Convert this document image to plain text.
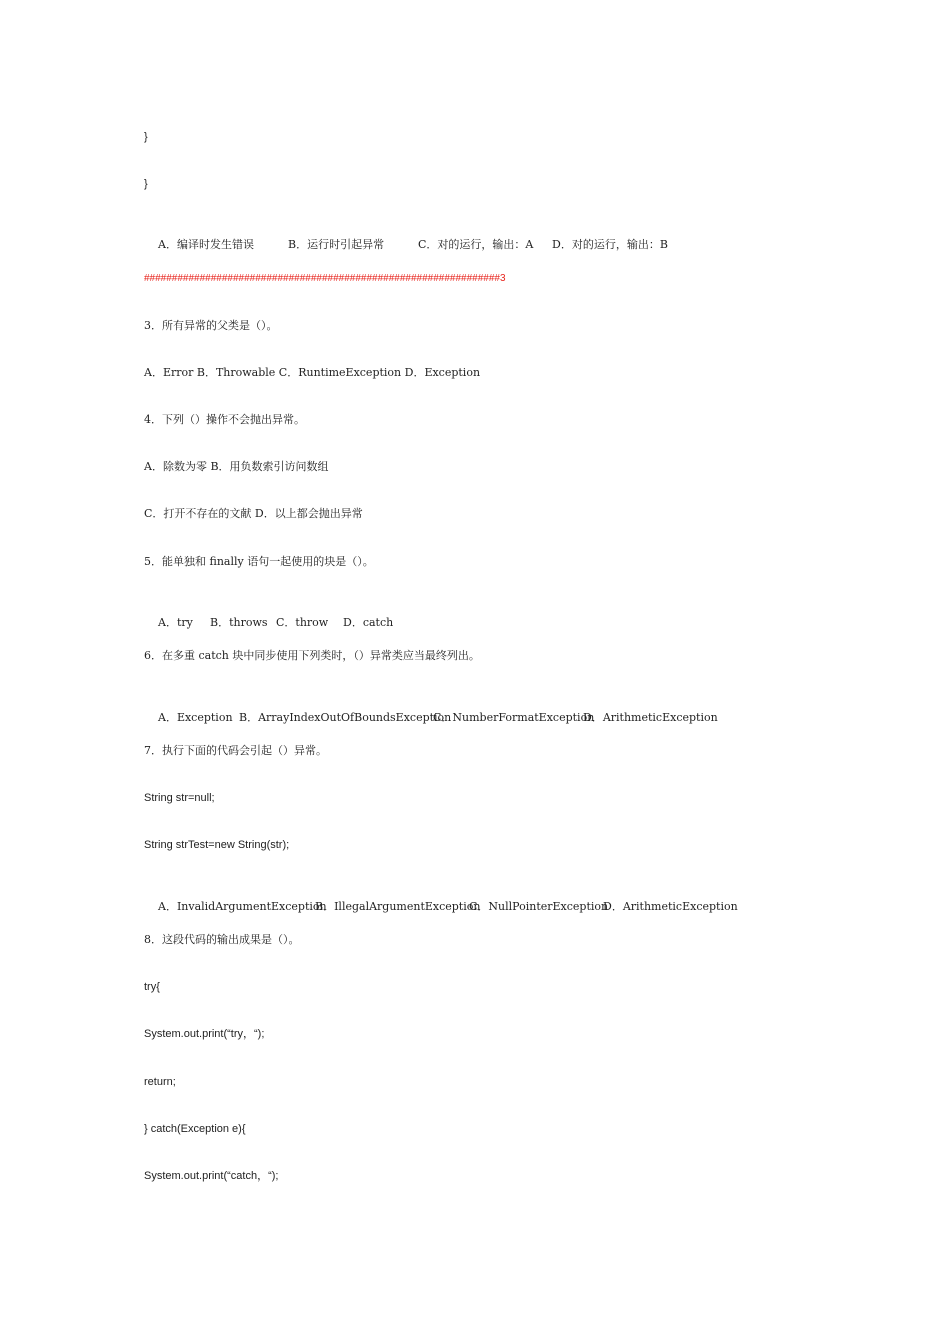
}
}

A．编译时发生错误	B．运行时引起异常	C．对的运行，输出：A D．对的运行，输出：B

################################################################3
3．所有异常的父类是（）。
A．Error B．Throwable C．RuntimeException D．Exception
4．下列（）操作不会抛出异常。
A．除数为零 B．用负数索引访问数组
C．打开不存在的文献 D．以上都会抛出异常
5．能单独和 finally 语句一起使用的块是（）。

A．try B．throws C．throw D．catch

6．在多重 catch 块中同步使用下列类时，（）异常类应当最终列出。

A．Exception B．ArrayIndexOutOfBoundsExceptionC．NumberFormatExceptionD．ArithmeticException

7．执行下面的代码会引起（）异常。
String str=null;
String strTest=new String(str);

A．InvalidArgumentExceptionB．IllegalArgumentExceptionC．NullPointerExceptionD．ArithmeticException

8．这段代码的输出成果是（）。
try{
System.out.print(“try，“);
return;
} catch(Exception e){
System.out.print(“catch，“);
